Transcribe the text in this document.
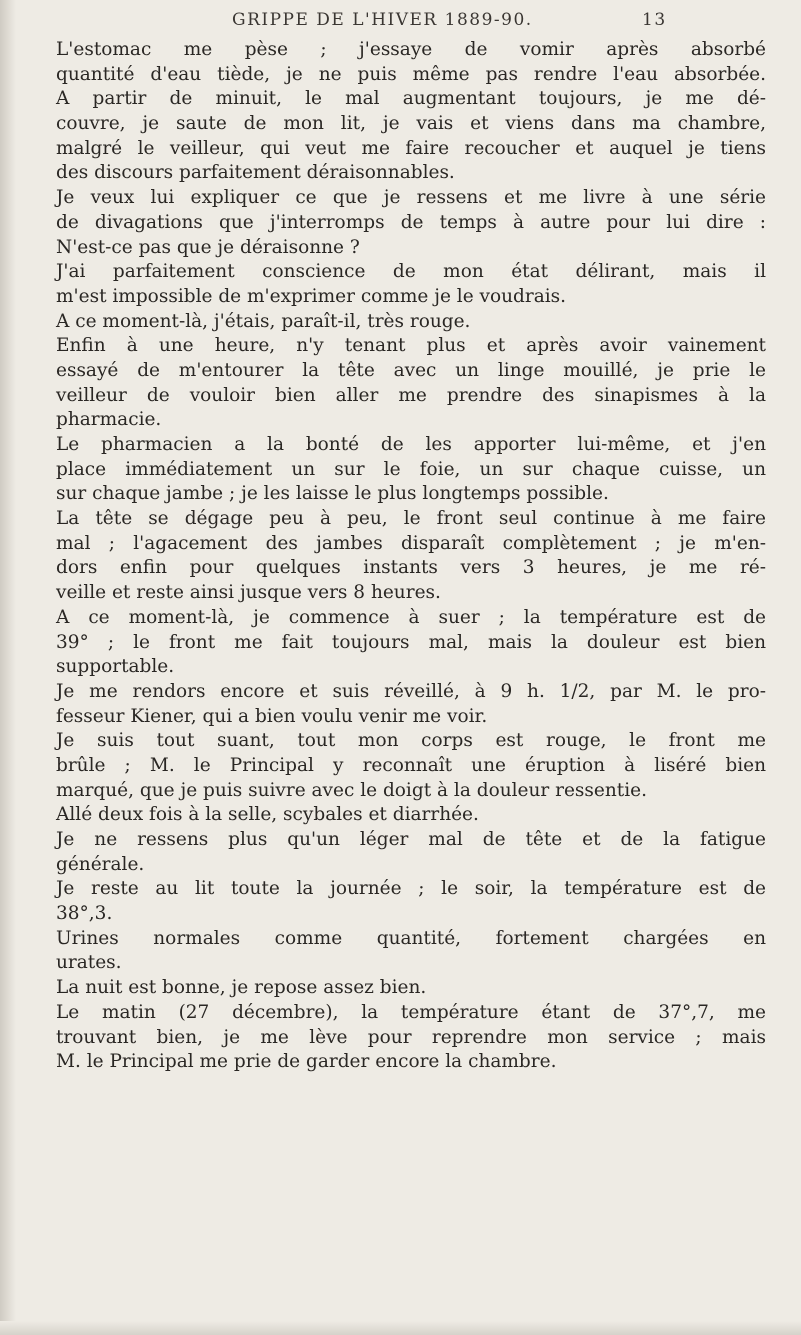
GRIPPE DE L'HIVER 1889-90.	13
L'estomac me pèse ; j'essaye de vomir après absorbé
quantité d'eau tiède, je ne puis même pas rendre l'eau absorbée.
A partir de minuit, le mal augmentant toujours, je me dé-
couvre, je saute de mon lit, je vais et viens dans ma chambre,
malgré le veilleur, qui veut me faire recoucher et auquel je tiens
des discours parfaitement déraisonnables.
Je veux lui expliquer ce que je ressens et me livre à une série
de divagations que j'interromps de temps à autre pour lui dire :
N'est-ce pas que je déraisonne ?
J'ai parfaitement conscience de mon état délirant, mais il
m'est impossible de m'exprimer comme je le voudrais.
A ce moment-là, j'étais, paraît-il, très rouge.
Enfin à une heure, n'y tenant plus et après avoir vainement
essayé de m'entourer la tête avec un linge mouillé, je prie le
veilleur de vouloir bien aller me prendre des sinapismes à la
pharmacie.
Le pharmacien a la bonté de les apporter lui-même, et j'en
place immédiatement un sur le foie, un sur chaque cuisse, un
sur chaque jambe ; je les laisse le plus longtemps possible.
La tête se dégage peu à peu, le front seul continue à me faire
mal ; l'agacement des jambes disparaît complètement ; je m'en-
dors enfin pour quelques instants vers 3 heures, je me ré-
veille et reste ainsi jusque vers 8 heures.
A ce moment-là, je commence à suer ; la température est de
39° ; le front me fait toujours mal, mais la douleur est bien
supportable.
Je me rendors encore et suis réveillé, à 9 h. 1/2, par M. le pro-
fesseur Kiener, qui a bien voulu venir me voir.
Je suis tout suant, tout mon corps est rouge, le front me
brûle ; M. le Principal y reconnaît une éruption à liséré bien
marqué, que je puis suivre avec le doigt à la douleur ressentie.
Allé deux fois à la selle, scybales et diarrhée.
Je ne ressens plus qu'un léger mal de tête et de la fatigue
générale.
Je reste au lit toute la journée ; le soir, la température est de
38°,3.
Urines normales comme quantité, fortement chargées en
urates.
La nuit est bonne, je repose assez bien.
Le matin (27 décembre), la température étant de 37°,7, me
trouvant bien, je me lève pour reprendre mon service ; mais
M. le Principal me prie de garder encore la chambre.
